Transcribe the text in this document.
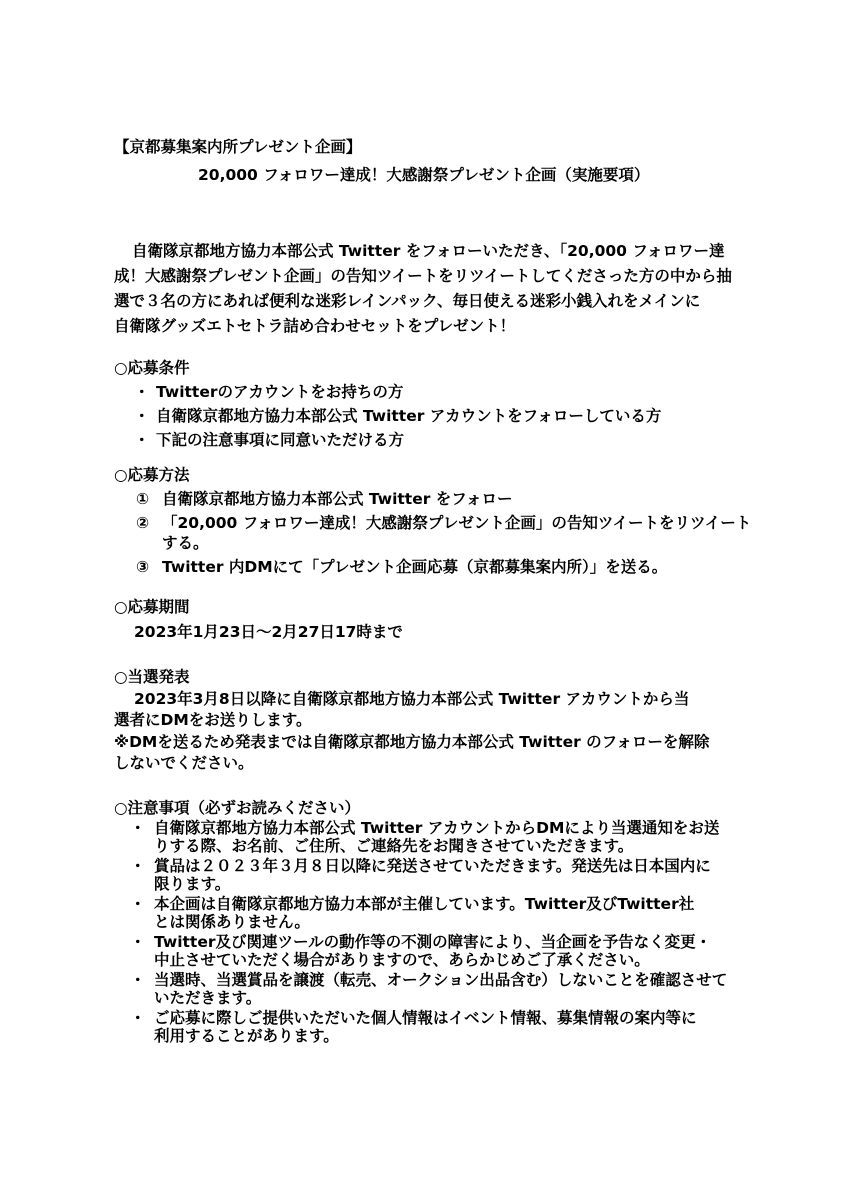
【京都募集案内所プレゼント企画】
20,000 フォロワー達成！大感謝祭プレゼント企画（実施要項）
自衛隊京都地方協力本部公式 Twitter をフォローいただき、「20,000 フォロワー達
成！大感謝祭プレゼント企画」の告知ツイートをリツイートしてくださった方の中から抽
選で３名の方にあれば便利な迷彩レインパック、毎日使える迷彩小銭入れをメインに
自衛隊グッズエトセトラ詰め合わせセットをプレゼント！
○応募条件
・ Twitterのアカウントをお持ちの方
・ 自衛隊京都地方協力本部公式 Twitter アカウントをフォローしている方
・ 下記の注意事項に同意いただける方
○応募方法
① 自衛隊京都地方協力本部公式 Twitter をフォロー
② 「20,000 フォロワー達成！大感謝祭プレゼント企画」の告知ツイートをリツイート
する。
③ Twitter 内DMにて「プレゼント企画応募（京都募集案内所）」を送る。
○応募期間
2023年1月23日～2月27日17時まで
○当選発表
2023年3月8日以降に自衛隊京都地方協力本部公式 Twitter アカウントから当
選者にDMをお送りします。
※DMを送るため発表までは自衛隊京都地方協力本部公式 Twitter のフォローを解除
しないでください。
○注意事項（必ずお読みください）
・ 自衛隊京都地方協力本部公式 Twitter アカウントからDMにより当選通知をお送
りする際、お名前、ご住所、ご連絡先をお聞きさせていただきます。
・ 賞品は２０２３年３月８日以降に発送させていただきます。発送先は日本国内に
限ります。
・ 本企画は自衛隊京都地方協力本部が主催しています。Twitter及びTwitter社
とは関係ありません。
・ Twitter及び関連ツールの動作等の不測の障害により、当企画を予告なく変更・
中止させていただく場合がありますので、あらかじめご了承ください。
・ 当選時、当選賞品を譲渡（転売、オークション出品含む）しないことを確認させて
いただきます。
・ ご応募に際しご提供いただいた個人情報はイベント情報、募集情報の案内等に
利用することがあります。
